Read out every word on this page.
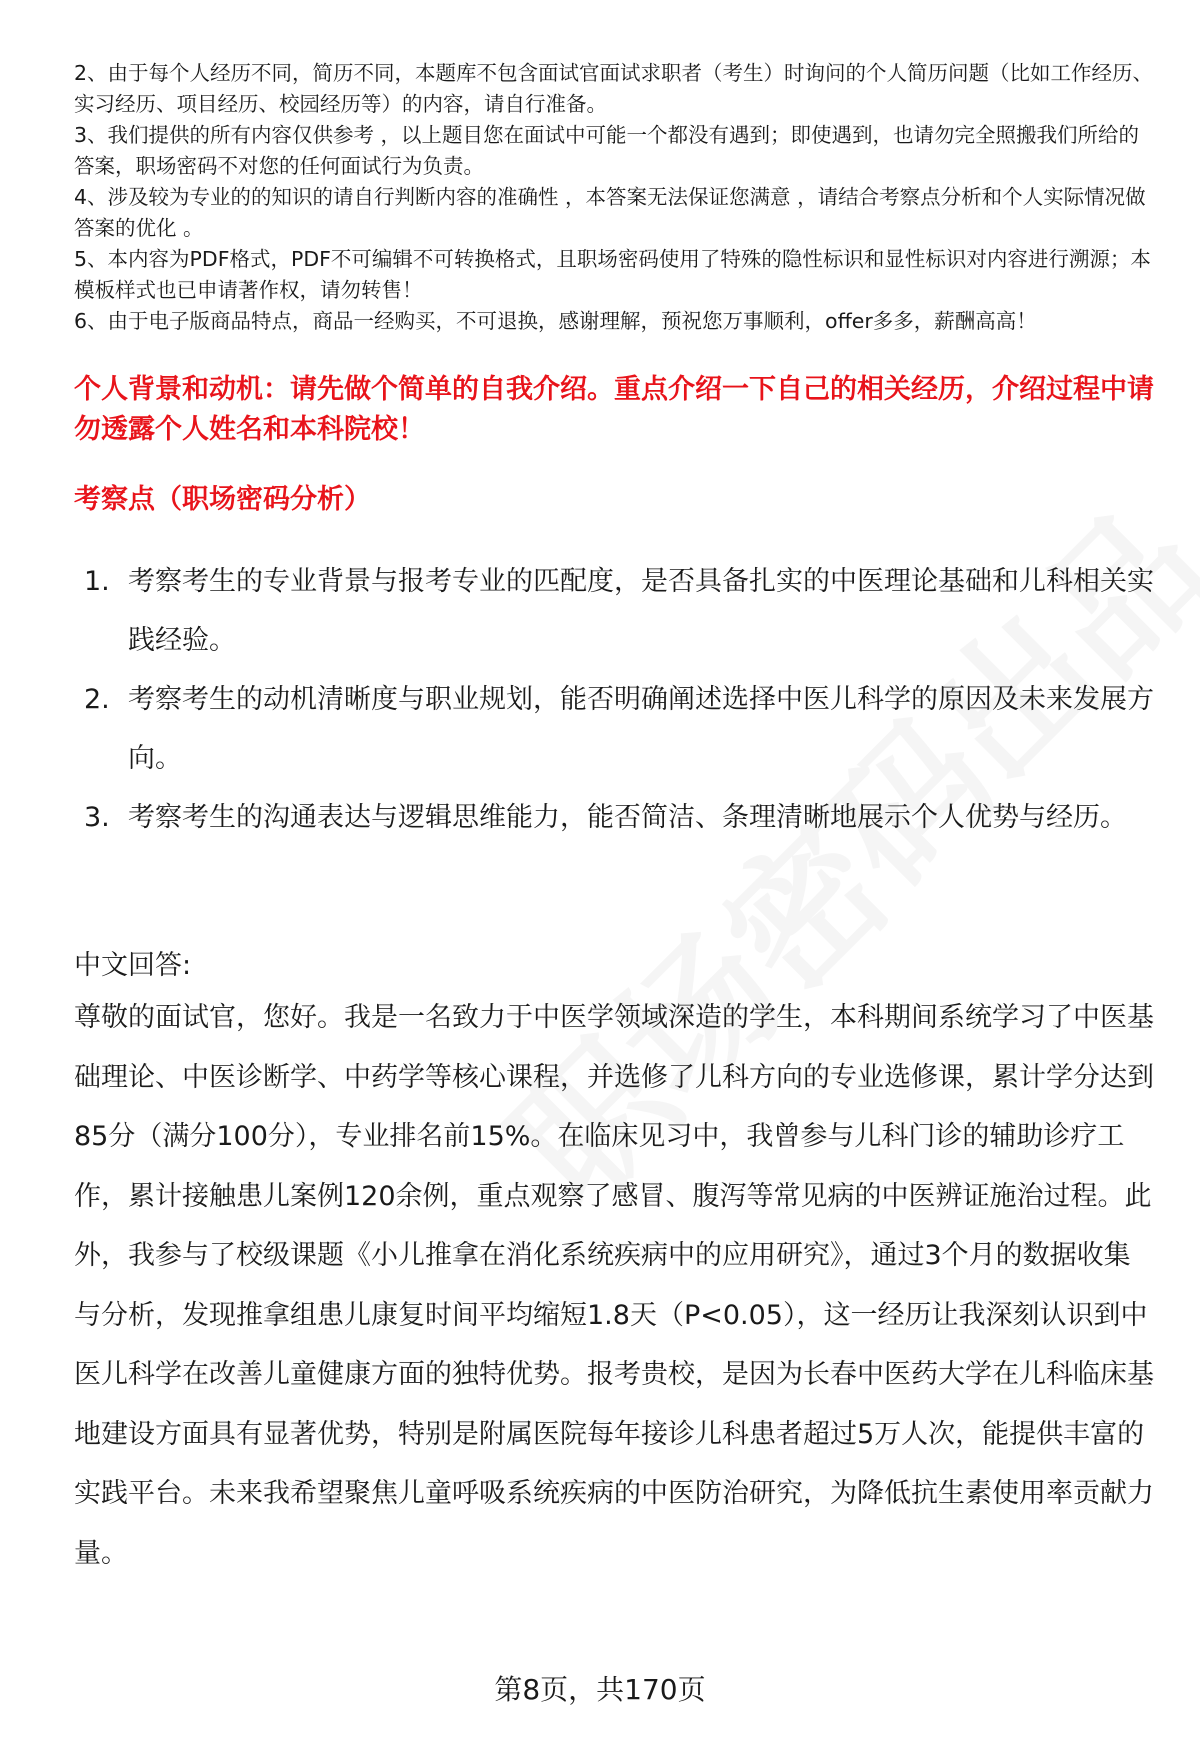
2、由于每个人经历不同，简历不同，本题库不包含面试官面试求职者（考生）时询问的个人简历问题（比如工作经历、实习经历、项目经历、校园经历等）的内容，请自行准备。

3、我们提供的所有内容仅供参考 ，以上题目您在面试中可能一个都没有遇到；即使遇到，也请勿完全照搬我们所给的答案，职场密码不对您的任何面试行为负责。

4、涉及较为专业的的知识的请自行判断内容的准确性 ，本答案无法保证您满意 ，请结合考察点分析和个人实际情况做答案的优化 。

5、本内容为PDF格式，PDF不可编辑不可转换格式，且职场密码使用了特殊的隐性标识和显性标识对内容进行溯源；本模板样式也已申请著作权，请勿转售！

6、由于电子版商品特点，商品一经购买，不可退换，感谢理解，预祝您万事顺利，offer多多，薪酬高高！

个人背景和动机：请先做个简单的自我介绍。重点介绍一下自己的相关经历，介绍过程中请勿透露个人姓名和本科院校！
考察点（职场密码分析）
1. 考察考生的专业背景与报考专业的匹配度，是否具备扎实的中医理论基础和儿科相关实践经验。
2. 考察考生的动机清晰度与职业规划，能否明确阐述选择中医儿科学的原因及未来发展方向。
3. 考察考生的沟通表达与逻辑思维能力，能否简洁、条理清晰地展示个人优势与经历。

中文回答:

尊敬的面试官，您好。我是一名致力于中医学领域深造的学生，本科期间系统学习了中医基础理论、中医诊断学、中药学等核心课程，并选修了儿科方向的专业选修课，累计学分达到85分（满分100分），专业排名前15%。在临床见习中，我曾参与儿科门诊的辅助诊疗工作，累计接触患儿案例120余例，重点观察了感冒、腹泻等常见病的中医辨证施治过程。此外，我参与了校级课题《小儿推拿在消化系统疾病中的应用研究》，通过3个月的数据收集与分析，发现推拿组患儿康复时间平均缩短1.8天（P<0.05），这一经历让我深刻认识到中医儿科学在改善儿童健康方面的独特优势。报考贵校，是因为长春中医药大学在儿科临床基地建设方面具有显著优势，特别是附属医院每年接诊儿科患者超过5万人次，能提供丰富的实践平台。未来我希望聚焦儿童呼吸系统疾病的中医防治研究，为降低抗生素使用率贡献力量。

第8页，共170页
